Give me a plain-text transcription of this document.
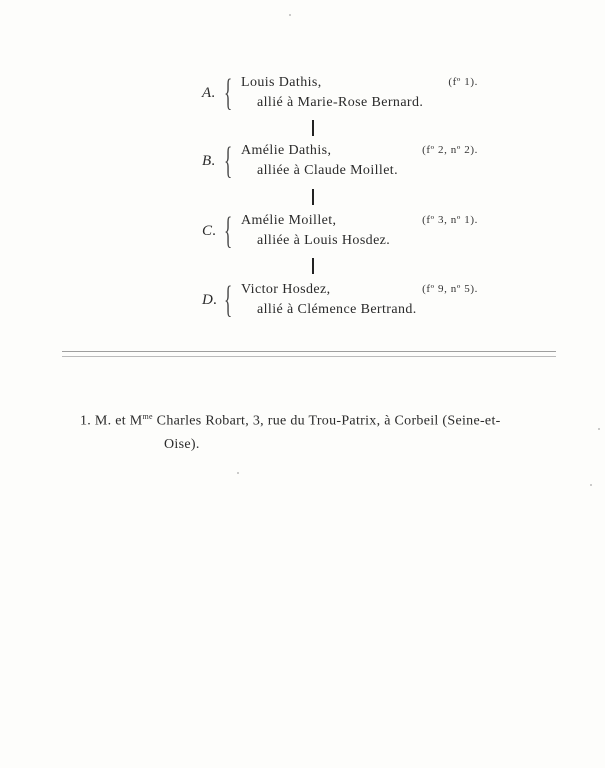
A. { Louis Dathis,	(fº 1).
allié à Marie-Rose Bernard.
B. { Amélie Dathis,	(fº 2, nº 2).
alliée à Claude Moillet.
C. { Amélie Moillet,	(fº 3, nº 1).
alliée à Louis Hosdez.
D. { Victor Hosdez,	(fº 9, nº 5).
allié à Clémence Bertrand.
1. M. et $M^{me}$ Charles Robart, 3, rue du Trou-Patrix, à Corbeil (Seine-et-
Oise).
